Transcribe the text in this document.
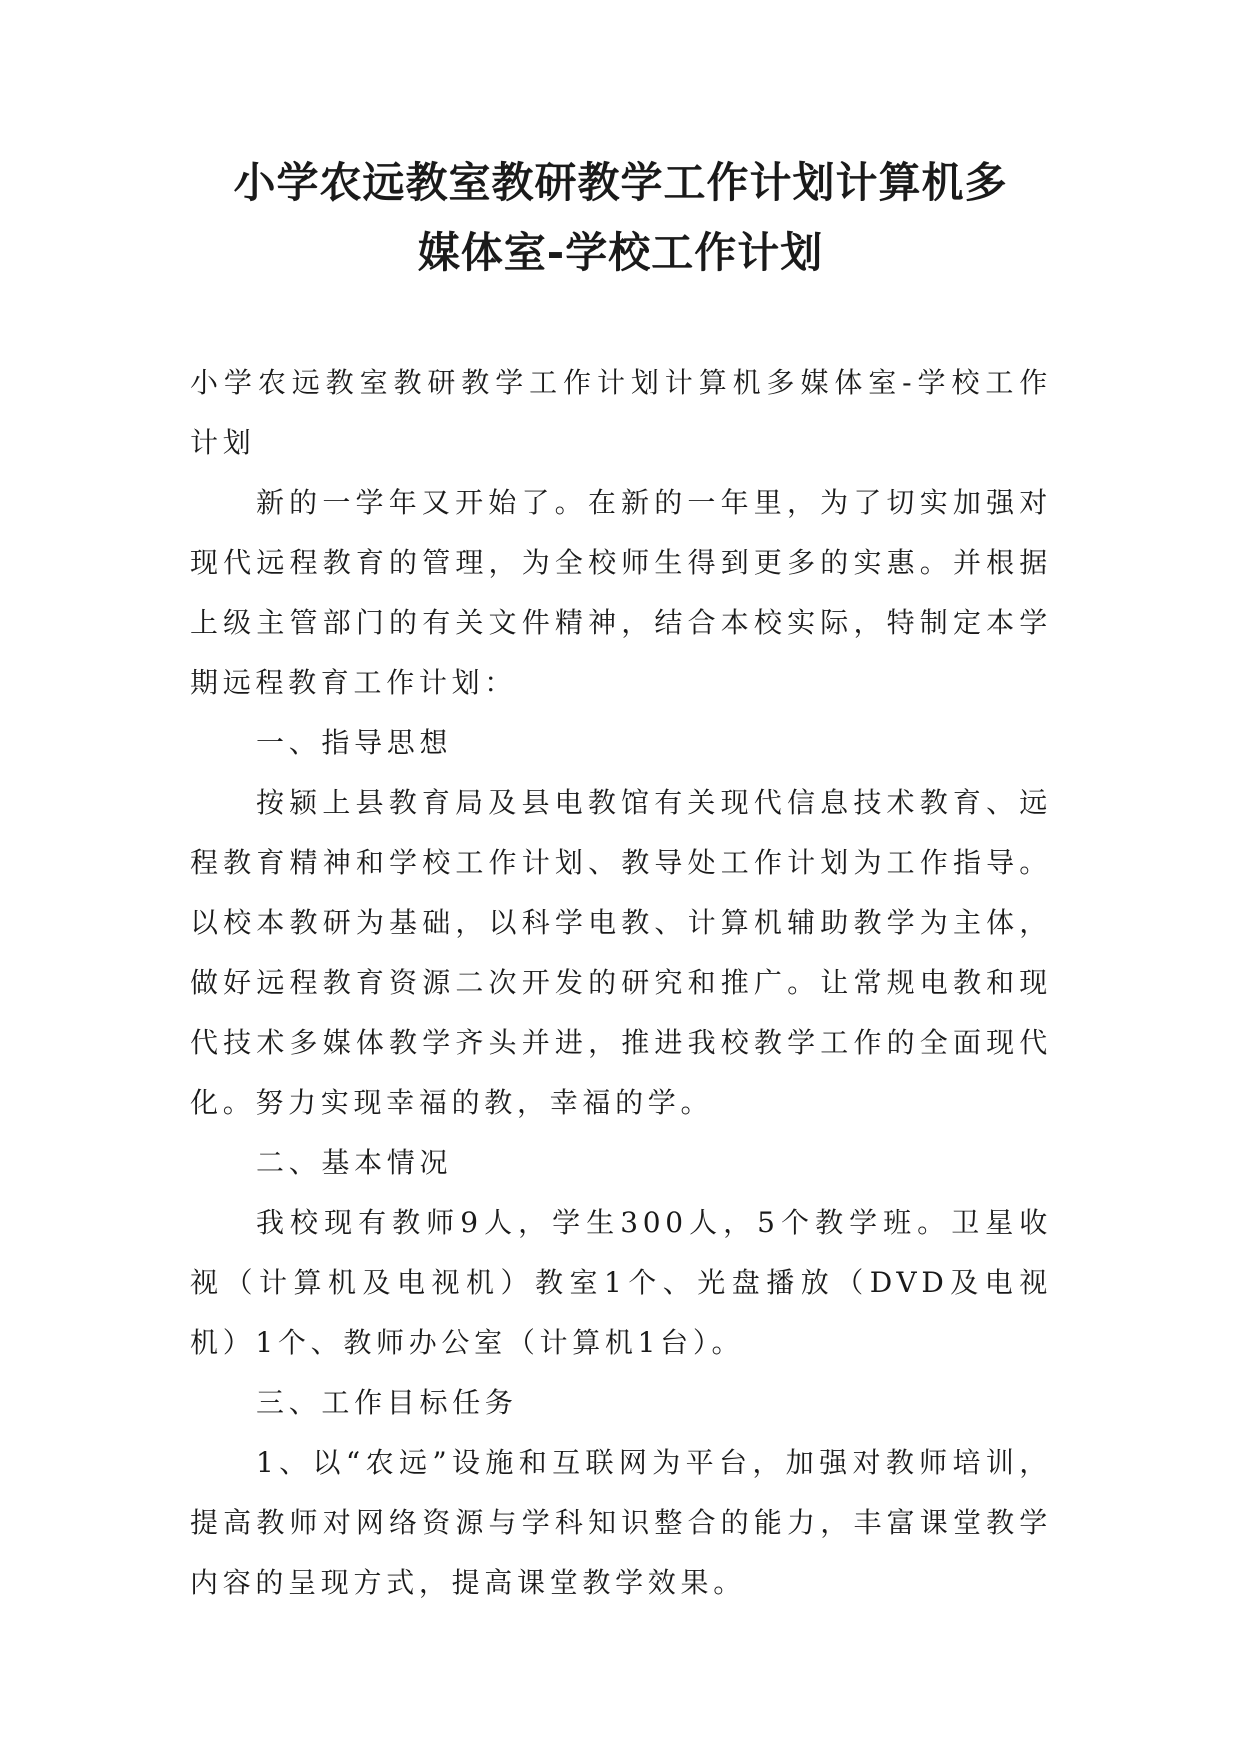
小学农远教室教研教学工作计划计算机多
媒体室-学校工作计划

小学农远教室教研教学工作计划计算机多媒体室-学校工作计划

新的一学年又开始了。在新的一年里，为了切实加强对现代远程教育的管理，为全校师生得到更多的实惠。并根据上级主管部门的有关文件精神，结合本校实际，特制定本学期远程教育工作计划：

一、指导思想

按颍上县教育局及县电教馆有关现代信息技术教育、远程教育精神和学校工作计划、教导处工作计划为工作指导。以校本教研为基础，以科学电教、计算机辅助教学为主体，做好远程教育资源二次开发的研究和推广。让常规电教和现代技术多媒体教学齐头并进，推进我校教学工作的全面现代化。努力实现幸福的教，幸福的学。

二、基本情况

我校现有教师9人，学生300人，5个教学班。卫星收视（计算机及电视机）教室1个、光盘播放（DVD及电视机）1个、教师办公室（计算机1台）。

三、工作目标任务

1、以“农远”设施和互联网为平台，加强对教师培训，提高教师对网络资源与学科知识整合的能力，丰富课堂教学内容的呈现方式，提高课堂教学效果。
